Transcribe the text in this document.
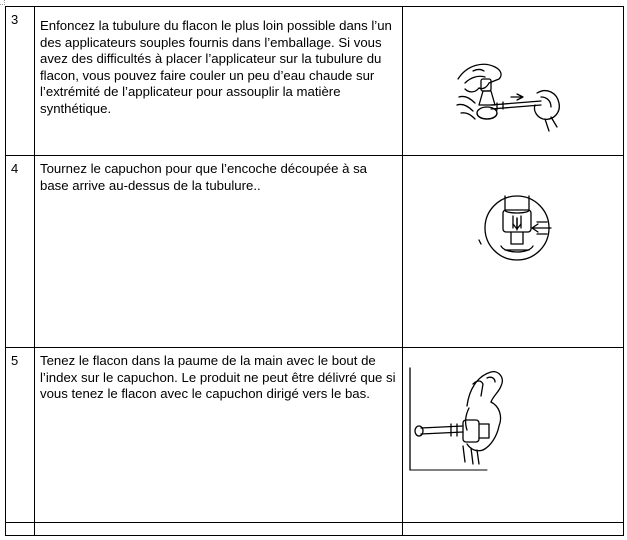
3	Enfoncez la tubulure du flacon le plus loin possible dans l’un des applicateurs souples fournis dans l’emballage. Si vous avez des difficultés à placer l’applicateur sur la tubulure du flacon, vous pouvez faire couler un peu d’eau chaude sur l’extrémité de l’applicateur pour assouplir la matière synthétique.

4	Tournez le capuchon pour que l’encoche découpée à sa base arrive au-dessus de la tubulure..

5	Tenez le flacon dans la paume de la main avec le bout de l’index sur le capuchon. Le produit ne peut être délivré que si vous tenez le flacon avec le capuchon dirigé vers le bas.
